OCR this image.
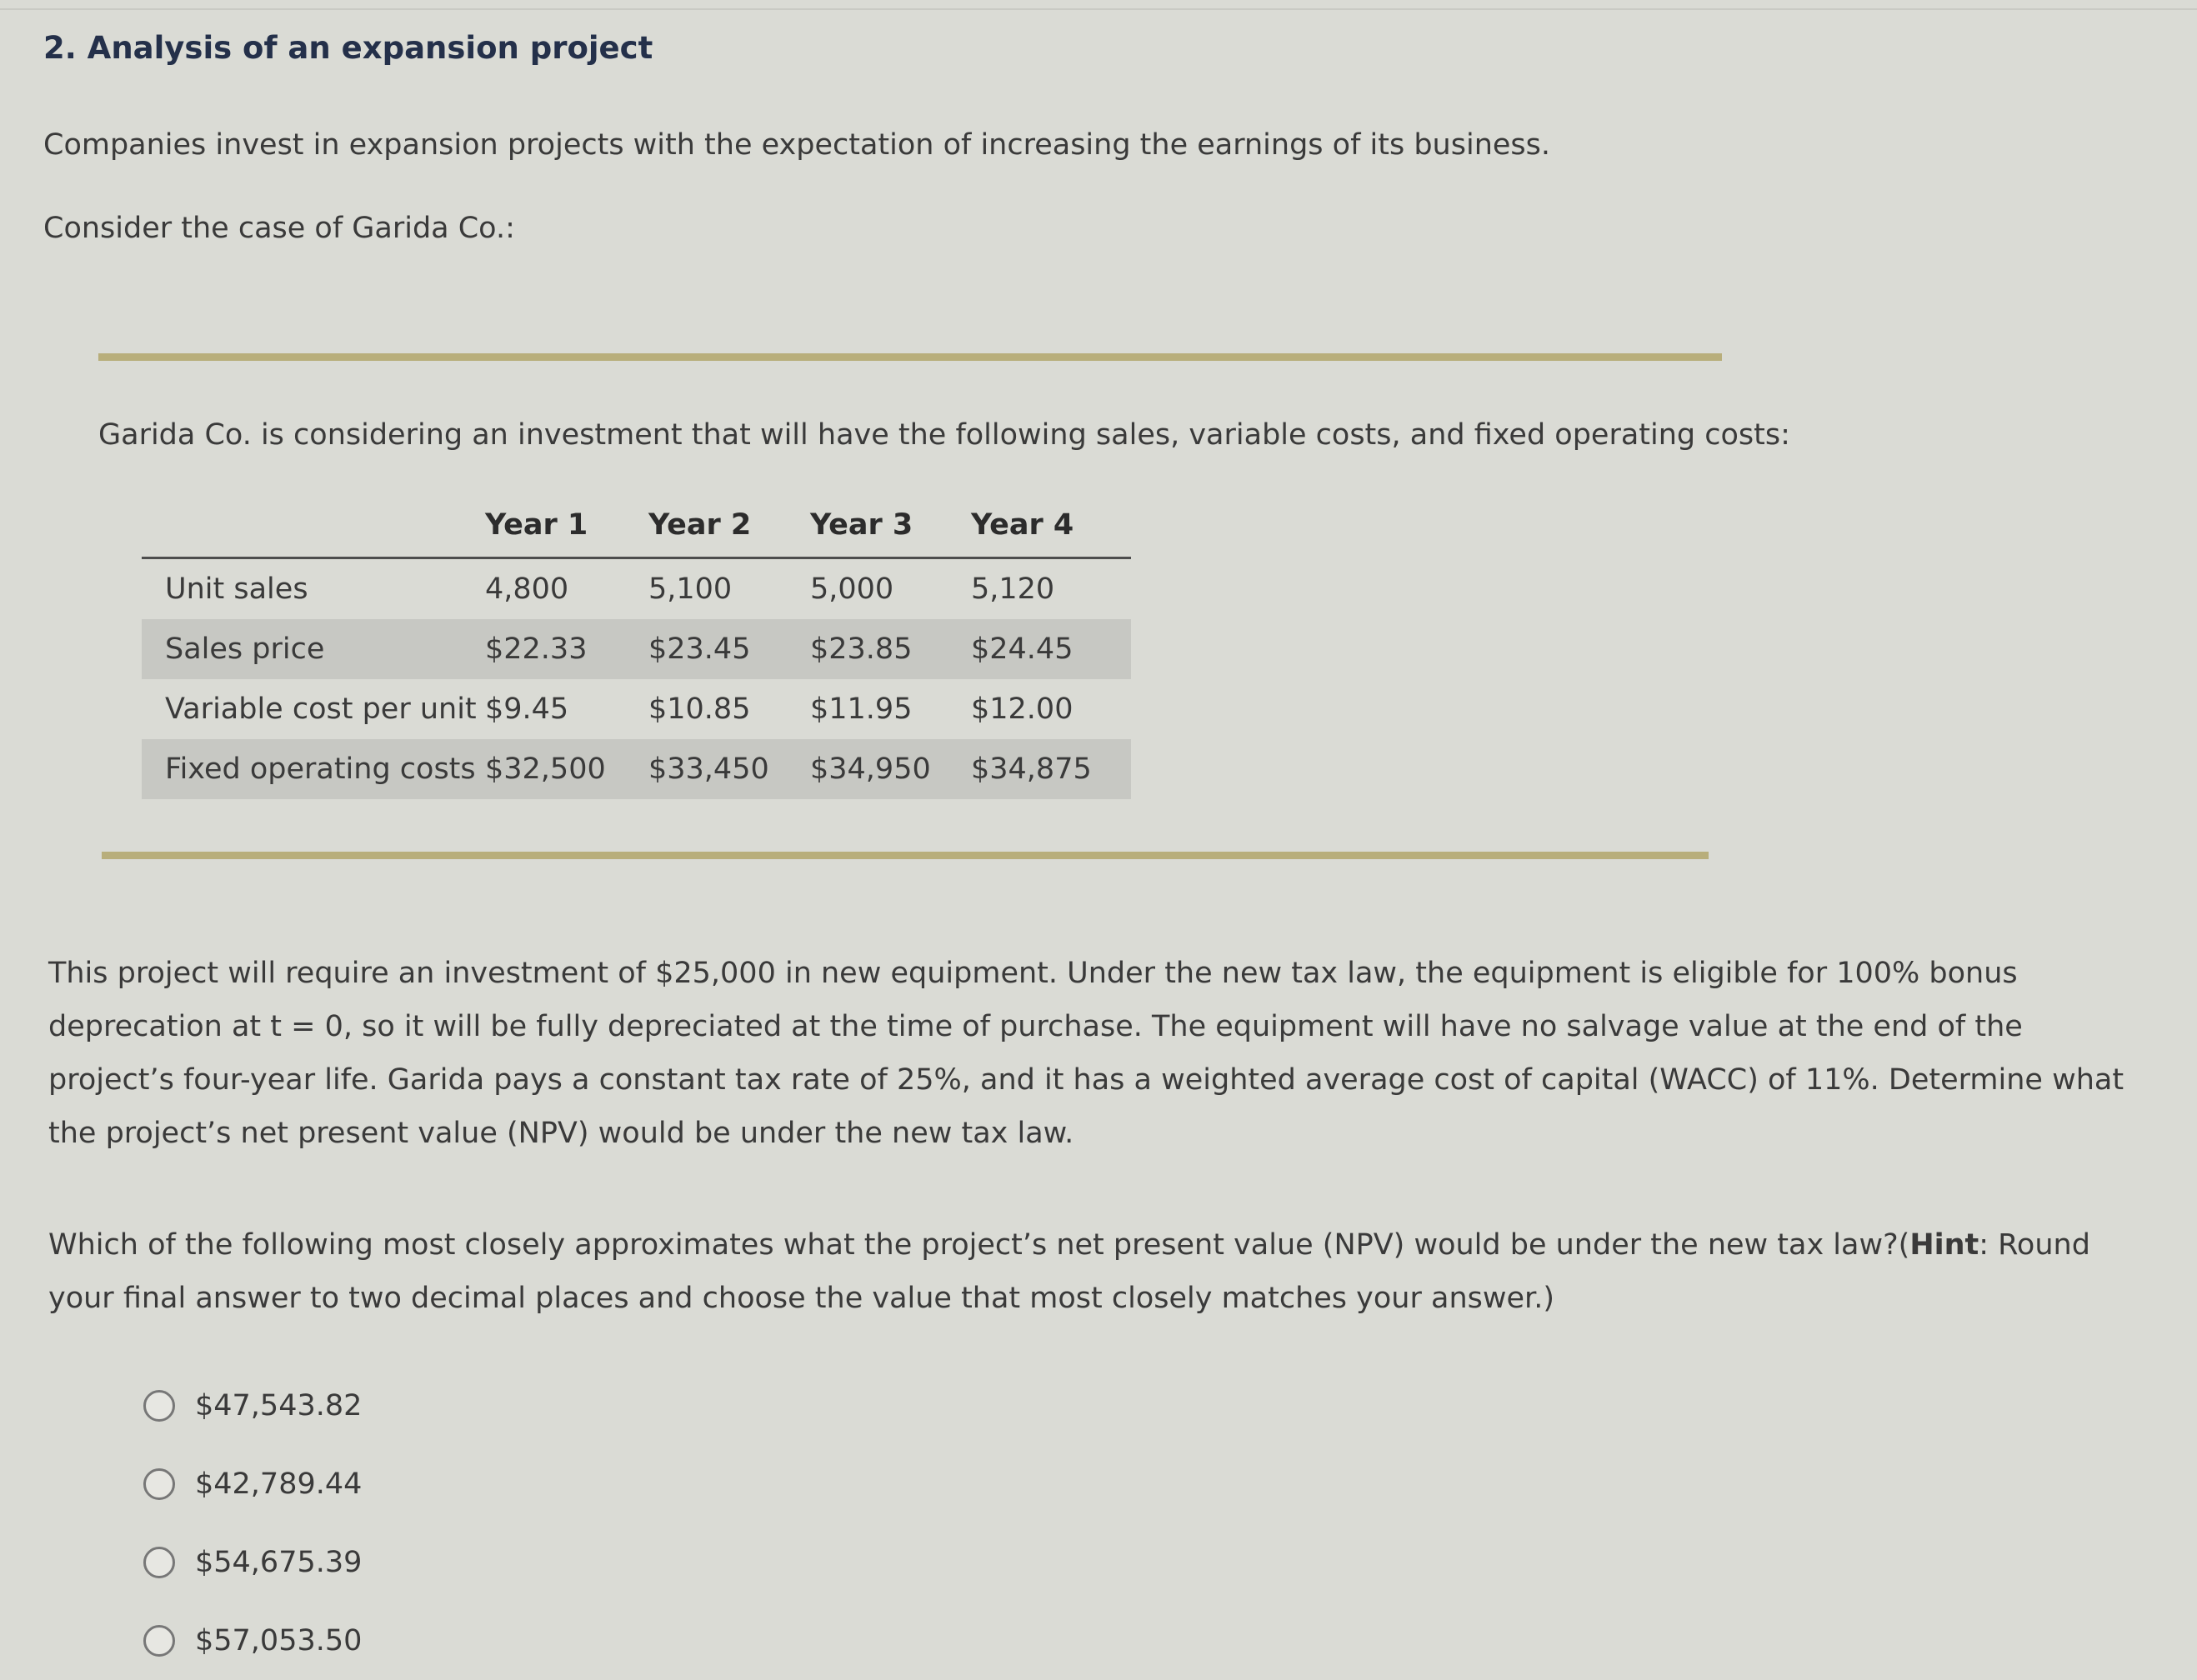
2. Analysis of an expansion project

Companies invest in expansion projects with the expectation of increasing the earnings of its business.

Consider the case of Garida Co.:

Garida Co. is considering an investment that will have the following sales, variable costs, and fixed operating costs:

	Year 1	Year 2	Year 3	Year 4
Unit sales	4,800	5,100	5,000	5,120
Sales price	$22.33	$23.45	$23.85	$24.45
Variable cost per unit	$9.45	$10.85	$11.95	$12.00
Fixed operating costs	$32,500	$33,450	$34,950	$34,875

This project will require an investment of $25,000 in new equipment. Under the new tax law, the equipment is eligible for 100% bonus deprecation at t = 0, so it will be fully depreciated at the time of purchase. The equipment will have no salvage value at the end of the project’s four-year life. Garida pays a constant tax rate of 25%, and it has a weighted average cost of capital (WACC) of 11%. Determine what the project’s net present value (NPV) would be under the new tax law.

Which of the following most closely approximates what the project’s net present value (NPV) would be under the new tax law?(Hint: Round your final answer to two decimal places and choose the value that most closely matches your answer.)

$47,543.82
$42,789.44
$54,675.39
$57,053.50
